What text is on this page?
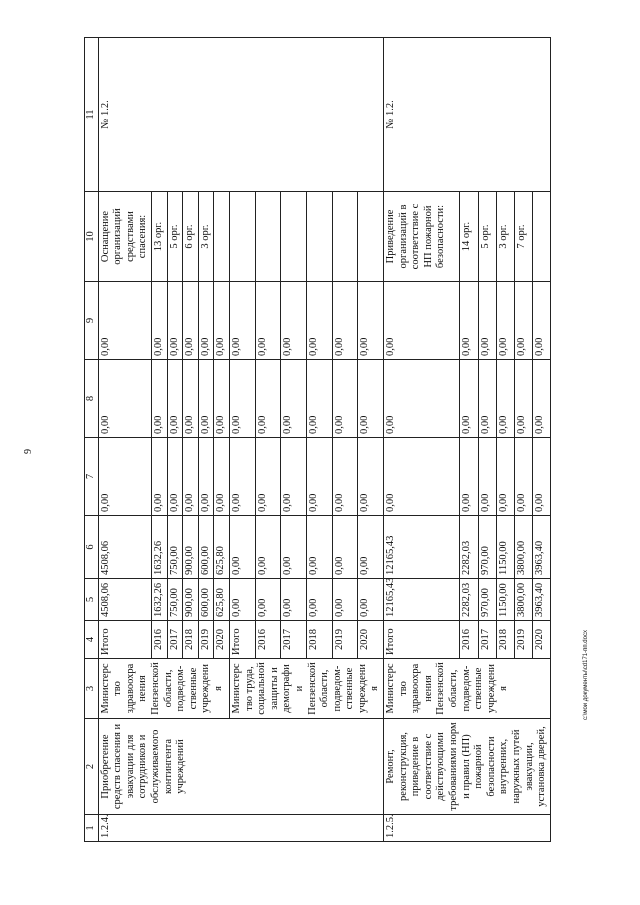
9
1	2	3	4	5	6	7	8	9	10	11
1.2.4.	Приобретение средств спасения и эвакуации для сотрудников и обслуживаемого контингента учреждений	Министерство здравоохранения Пензенской области, подведом-ственные учреждения	Итого	4508,06	4508,06	0,00	0,00	0,00	Оснащение организаций средствами спасения:	№ 1.2.
			2016	1632,26	1632,26	0,00	0,00	0,00	13 орг.	
			2017	750,00	750,00	0,00	0,00	0,00	5 орг.	
			2018	900,00	900,00	0,00	0,00	0,00	6 орг.	
			2019	600,00	600,00	0,00	0,00	0,00	3 орг.	
			2020	625,80	625,80	0,00	0,00	0,00		
		Министерство труда, социальной защиты и демографии Пензенской области, подведом-ственные учреждения	Итого	0,00	0,00	0,00	0,00	0,00		
			2016	0,00	0,00	0,00	0,00	0,00		
			2017	0,00	0,00	0,00	0,00	0,00		
			2018	0,00	0,00	0,00	0,00	0,00		
			2019	0,00	0,00	0,00	0,00	0,00		
			2020	0,00	0,00	0,00	0,00	0,00		
1.2.5.	Ремонт, реконструкция, приведение в соответствие с действующими требованиями норм и правил (НП) пожарной безопасности внутренних, наружных путей эвакуации, установка дверей,	Министерство здравоохранения Пензенской области, подведом-ственные учреждения	Итого	12165,43	12165,43	0,00	0,00	0,00	Приведение организаций в соответствие с НП пожарной безопасности:	№ 1.2.
			2016	2282,03	2282,03	0,00	0,00	0,00	14 орг.	
			2017	970,00	970,00	0,00	0,00	0,00	5 орг.	
			2018	1150,00	1150,00	0,00	0,00	0,00	3 орг.	
			2019	3800,00	3800,00	0,00	0,00	0,00	7 орг.	
			2020	3963,40	3963,40	0,00	0,00	0,00		
c:\мои документы\cd171-пп.docx
